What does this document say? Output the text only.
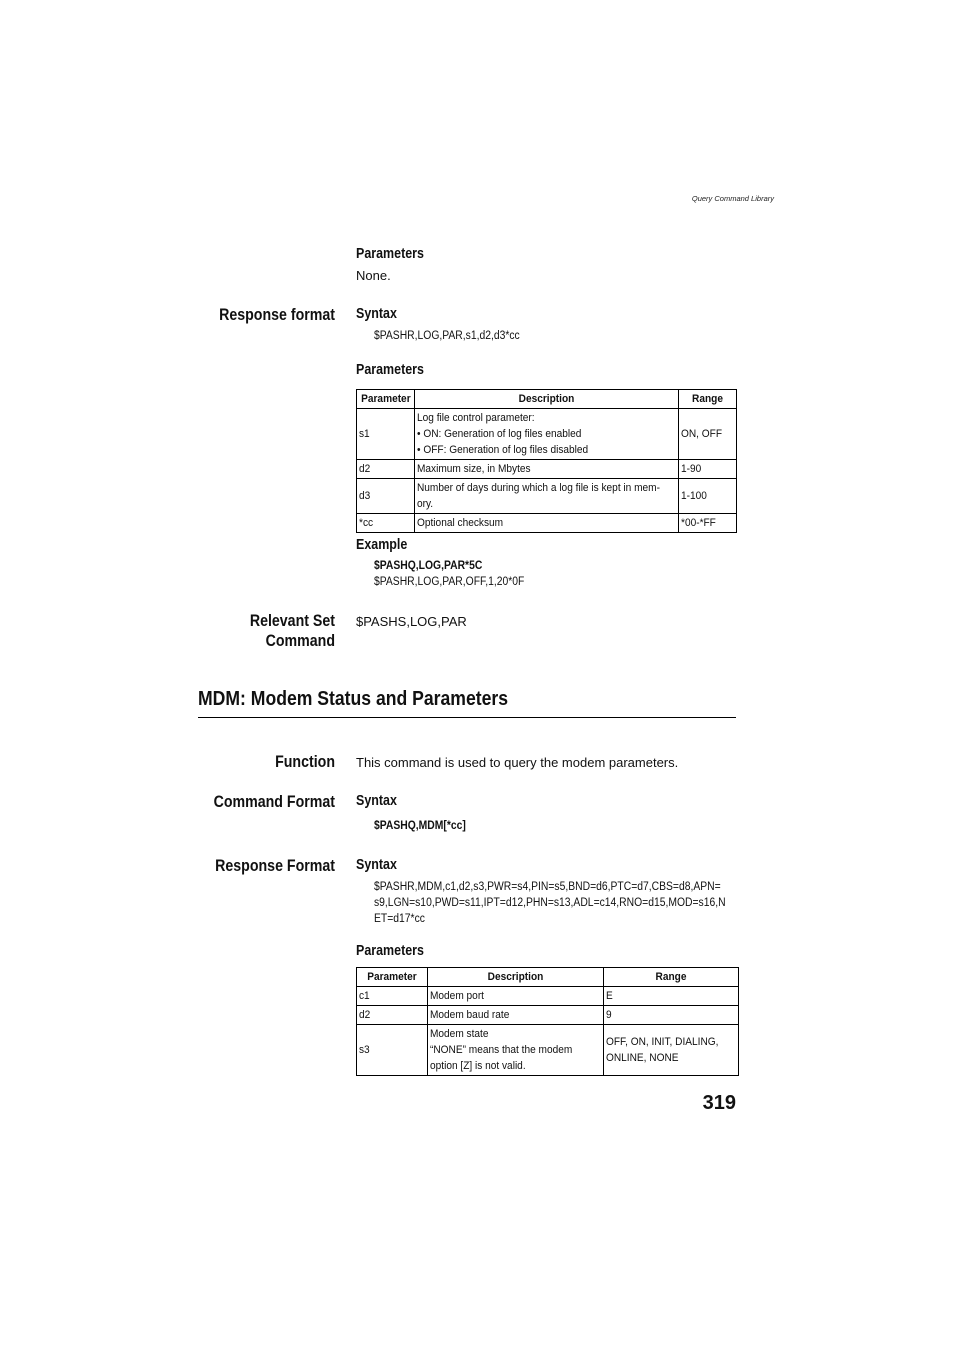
Query Command Library
Parameters
None.
Response format Syntax
$PASHR,LOG,PAR,s1,d2,d3*cc
Parameters
Parameter	Description	Range

s1	Log file control parameter:
• ON: Generation of log files enabled
• OFF: Generation of log files disabled	ON, OFF

d2	Maximum size, in Mbytes	1-90

d3	Number of days during which a log file is kept in mem-
ory.	1-100

*cc	Optional checksum	*00-*FF
Example
$PASHQ,LOG,PAR*5C
$PASHR,LOG,PAR,OFF,1,20*0F
Relevant Set
Command
$PASHS,LOG,PAR
MDM: Modem Status and Parameters
Function This command is used to query the modem parameters.
Command Format Syntax
$PASHQ,MDM[*cc]
Response Format Syntax
$PASHR,MDM,c1,d2,s3,PWR=s4,PIN=s5,BND=d6,PTC=d7,CBS=d8,APN=
s9,LGN=s10,PWD=s11,IPT=d12,PHN=s13,ADL=c14,RNO=d15,MOD=s16,N
ET=d17*cc
Parameters
Parameter	Description	Range

c1	Modem port	E

d2	Modem baud rate	9

s3	Modem state
“NONE” means that the modem
option [Z] is not valid.	OFF, ON, INIT, DIALING,
ONLINE, NONE
319
